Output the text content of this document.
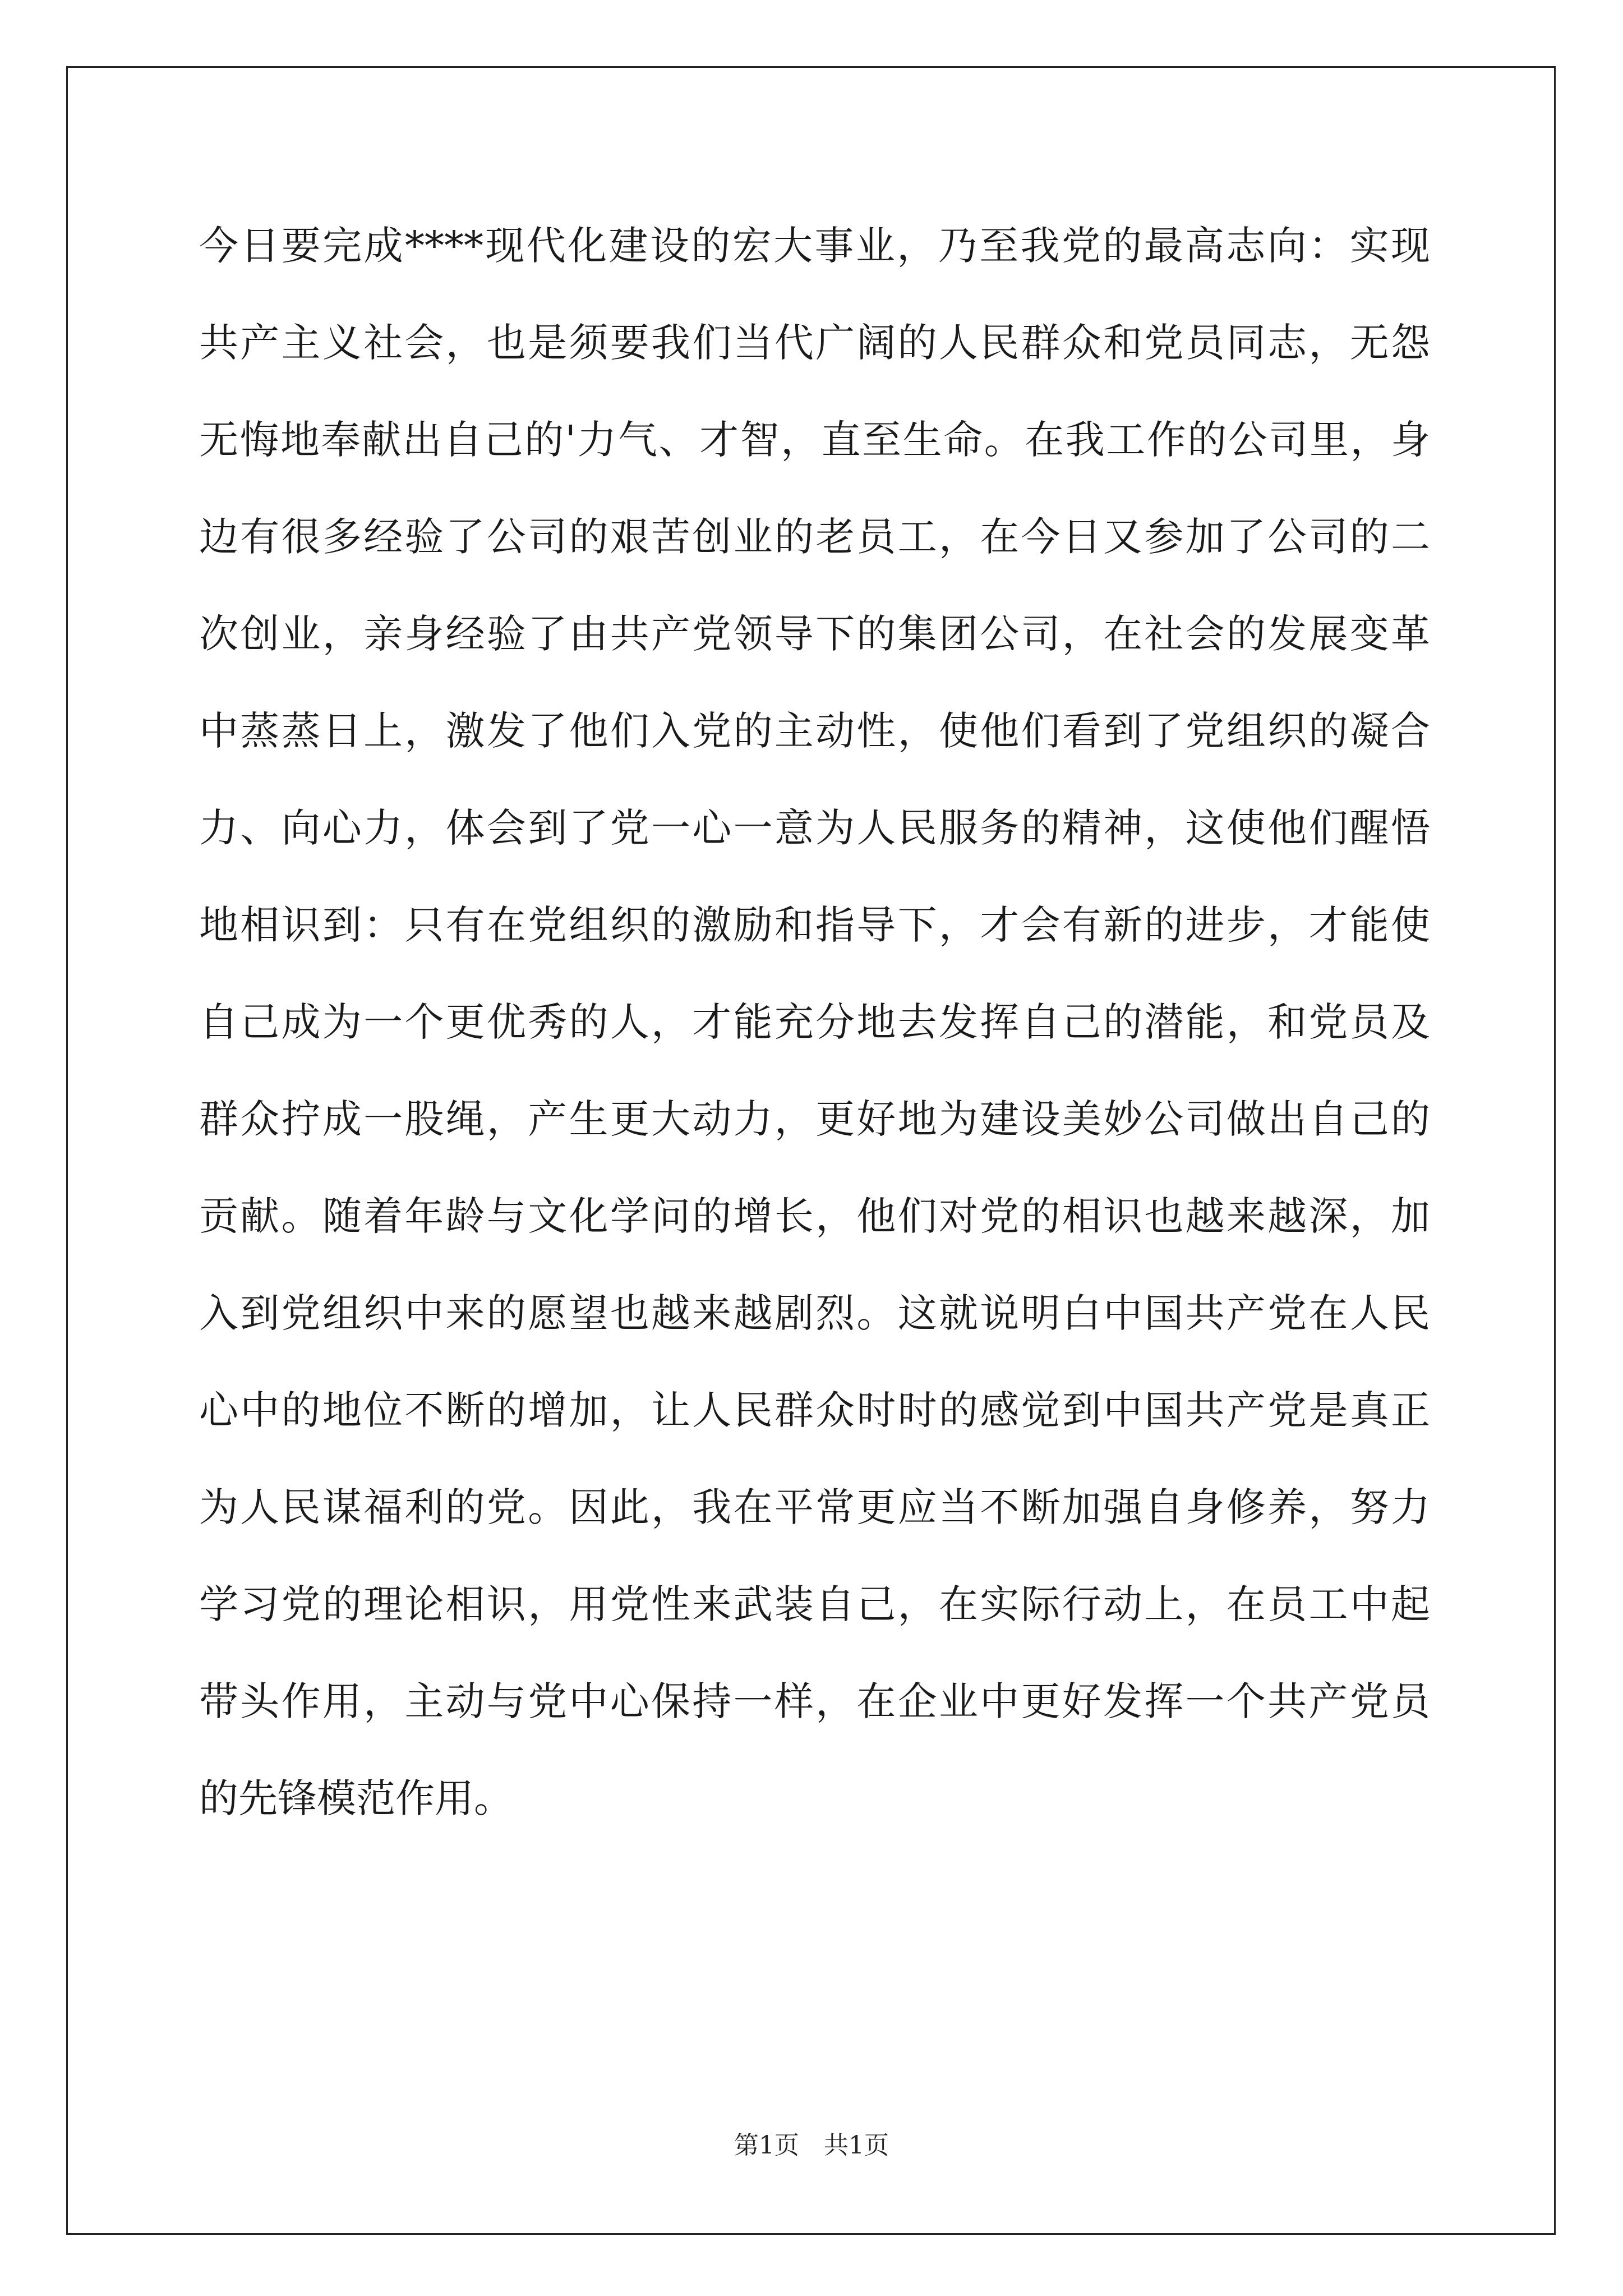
今日要完成****现代化建设的宏大事业，乃至我党的最高志向：实现
共产主义社会，也是须要我们当代广阔的人民群众和党员同志，无怨
无悔地奉献出自己的'力气、才智，直至生命。在我工作的公司里，身
边有很多经验了公司的艰苦创业的老员工，在今日又参加了公司的二
次创业，亲身经验了由共产党领导下的集团公司，在社会的发展变革
中蒸蒸日上，激发了他们入党的主动性，使他们看到了党组织的凝合
力、向心力，体会到了党一心一意为人民服务的精神，这使他们醒悟
地相识到：只有在党组织的激励和指导下，才会有新的进步，才能使
自己成为一个更优秀的人，才能充分地去发挥自己的潜能，和党员及
群众拧成一股绳，产生更大动力，更好地为建设美妙公司做出自己的
贡献。随着年龄与文化学问的增长，他们对党的相识也越来越深，加
入到党组织中来的愿望也越来越剧烈。这就说明白中国共产党在人民
心中的地位不断的增加，让人民群众时时的感觉到中国共产党是真正
为人民谋福利的党。因此，我在平常更应当不断加强自身修养，努力
学习党的理论相识，用党性来武装自己，在实际行动上，在员工中起
带头作用，主动与党中心保持一样，在企业中更好发挥一个共产党员
的先锋模范作用。
第1页　共1页
